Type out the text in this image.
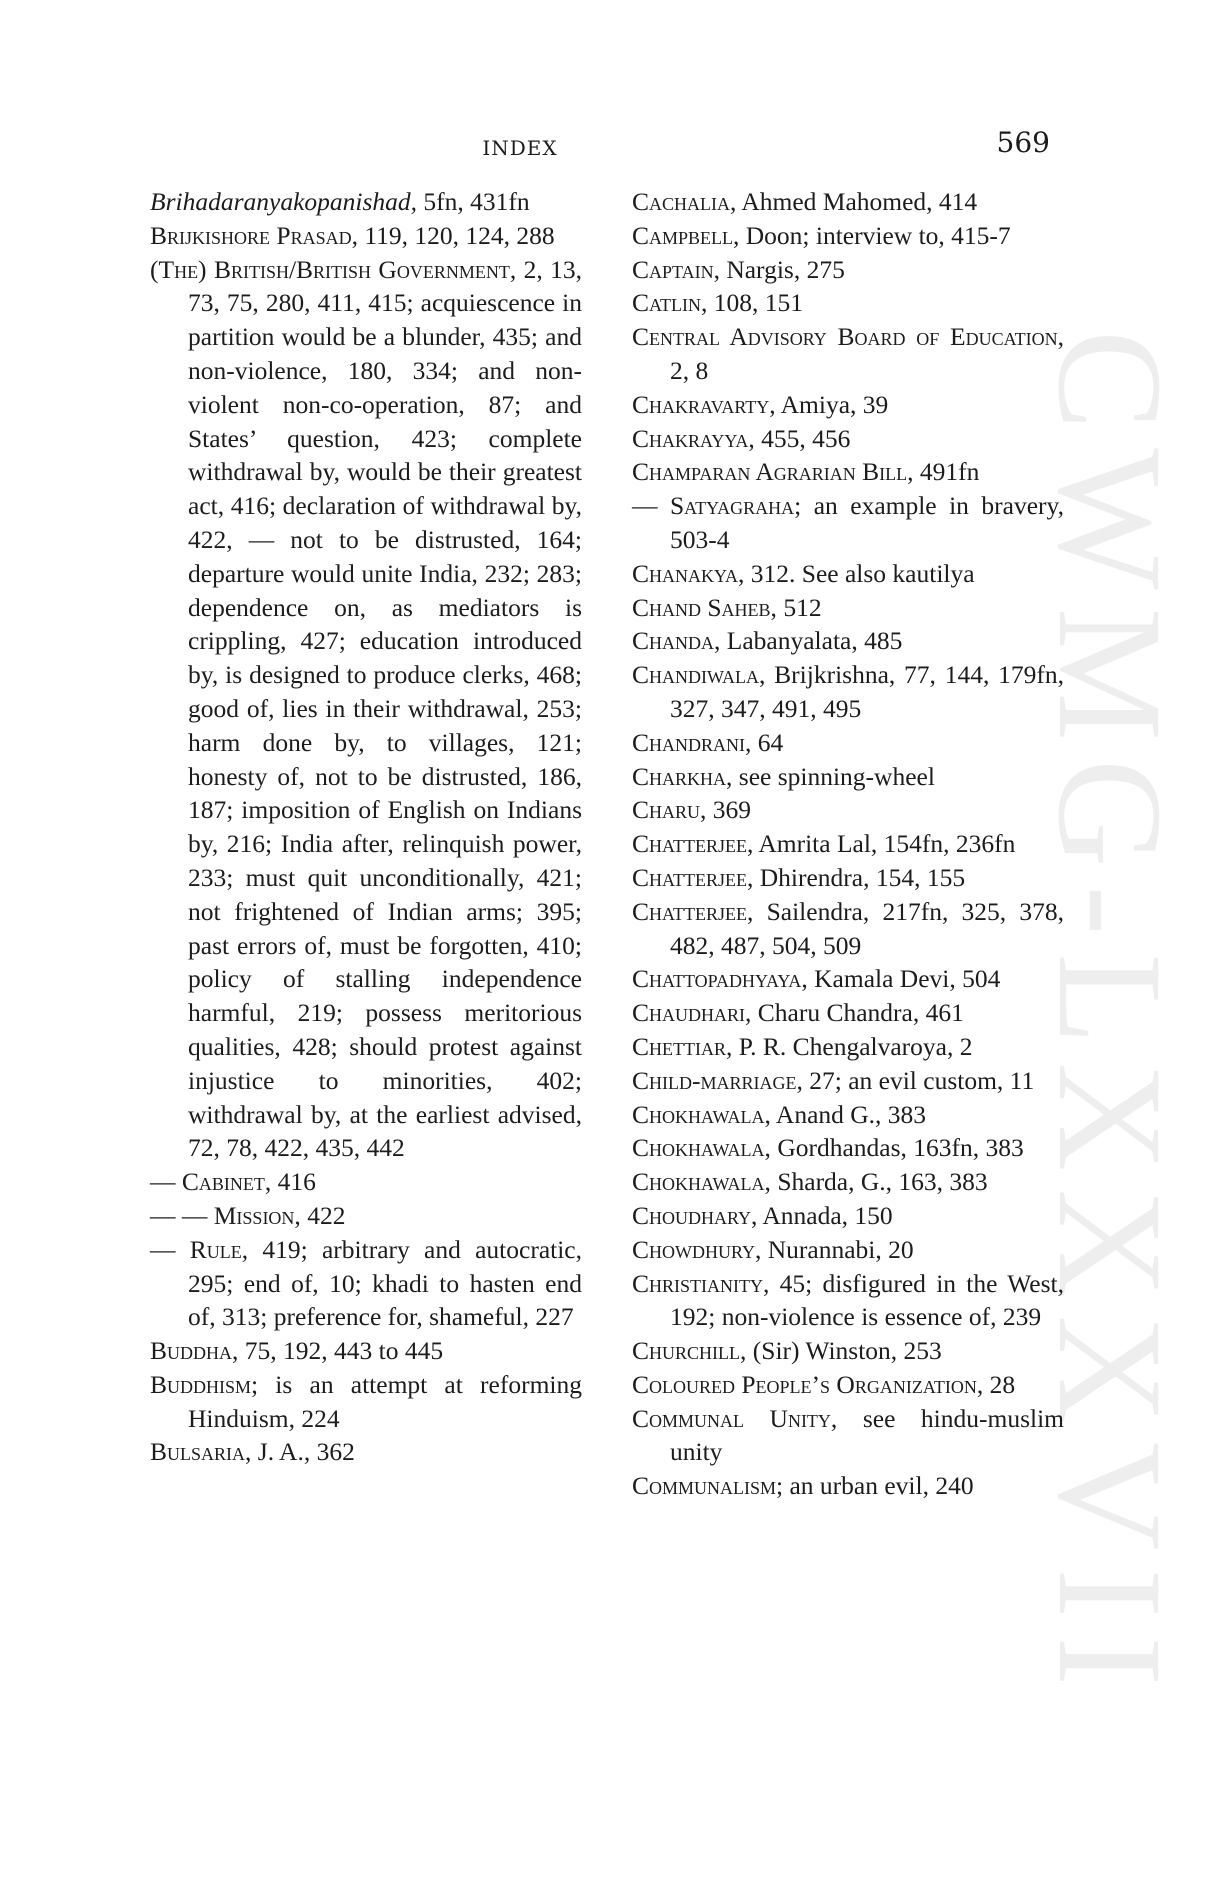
INDEX	569
CWMG-LXXXVII
Brihadaranyakopanishad, 5fn, 431fn
Brijkishore Prasad, 119, 120, 124, 288
(The) British/British Government, 2, 13, 73, 75, 280, 411, 415; acquiescence in partition would be a blunder, 435; and non-violence, 180, 334; and non-violent non-co-operation, 87; and States’ question, 423; complete withdrawal by, would be their greatest act, 416; declaration of withdrawal by, 422, — not to be distrusted, 164; departure would unite India, 232; 283; dependence on, as mediators is crippling, 427; education introduced by, is designed to produce clerks, 468; good of, lies in their withdrawal, 253; harm done by, to villages, 121; honesty of, not to be distrusted, 186, 187; imposition of English on Indians by, 216; India after, relinquish power, 233; must quit unconditionally, 421; not frightened of Indian arms; 395; past errors of, must be forgotten, 410; policy of stalling independence harmful, 219; possess meritorious qualities, 428; should protest against injustice to minorities, 402; withdrawal by, at the earliest advised, 72, 78, 422, 435, 442
— Cabinet, 416
— — Mission, 422
— Rule, 419; arbitrary and autocratic, 295; end of, 10; khadi to hasten end of, 313; preference for, shameful, 227
Buddha, 75, 192, 443 to 445
Buddhism; is an attempt at reforming Hinduism, 224
Bulsaria, J. A., 362
Cachalia, Ahmed Mahomed, 414
Campbell, Doon; interview to, 415-7
Captain, Nargis, 275
Catlin, 108, 151
Central Advisory Board of Education, 2, 8
Chakravarty, Amiya, 39
Chakrayya, 455, 456
Champaran Agrarian Bill, 491fn
— Satyagraha; an example in bravery, 503-4
Chanakya, 312. See also kautilya
Chand Saheb, 512
Chanda, Labanyalata, 485
Chandiwala, Brijkrishna, 77, 144, 179fn, 327, 347, 491, 495
Chandrani, 64
Charkha, see spinning-wheel
Charu, 369
Chatterjee, Amrita Lal, 154fn, 236fn
Chatterjee, Dhirendra, 154, 155
Chatterjee, Sailendra, 217fn, 325, 378, 482, 487, 504, 509
Chattopadhyaya, Kamala Devi, 504
Chaudhari, Charu Chandra, 461
Chettiar, P. R. Chengalvaroya, 2
Child-marriage, 27; an evil custom, 11
Chokhawala, Anand G., 383
Chokhawala, Gordhandas, 163fn, 383
Chokhawala, Sharda, G., 163, 383
Choudhary, Annada, 150
Chowdhury, Nurannabi, 20
Christianity, 45; disfigured in the West, 192; non-violence is essence of, 239
Churchill, (Sir) Winston, 253
Coloured People’s Organization, 28
Communal Unity, see hindu-muslim unity
Communalism; an urban evil, 240
